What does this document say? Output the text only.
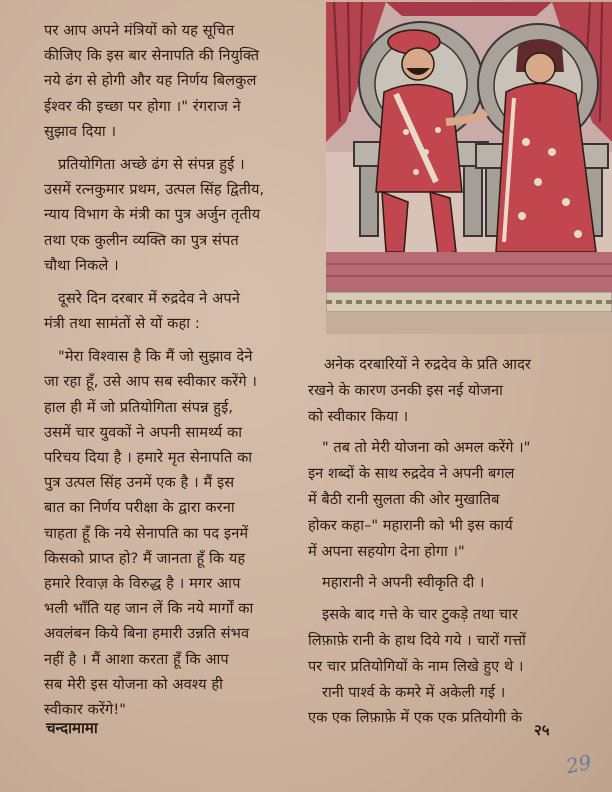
पर आप अपने मंत्रियों को यह सूचित
कीजिए कि इस बार सेनापति की नियुक्ति
नये ढंग से होगी और यह निर्णय बिलकुल
ईश्वर की इच्छा पर होगा ।" रंगराज ने
सुझाव दिया ।
प्रतियोगिता अच्छे ढंग से संपन्न हुई ।
उसमें रत्नकुमार प्रथम, उत्पल सिंह द्वितीय,
न्याय विभाग के मंत्री का पुत्र अर्जुन तृतीय
तथा एक कुलीन व्यक्ति का पुत्र संपत
चौथा निकले ।
दूसरे दिन दरबार में रुद्रदेव ने अपने
मंत्री तथा सामंतों से यों कहा :
"मेरा विश्वास है कि मैं जो सुझाव देने
जा रहा हूँ, उसे आप सब स्वीकार करेंगे ।
हाल ही में जो प्रतियोगिता संपन्न हुई,
उसमें चार युवकों ने अपनी सामर्थ्य का
परिचय दिया है । हमारे मृत सेनापति का
पुत्र उत्पल सिंह उनमें एक है । मैं इस
बात का निर्णय परीक्षा के द्वारा करना
चाहता हूँ कि नये सेनापति का पद इनमें
किसको प्राप्त हो? मैं जानता हूँ कि यह
हमारे रिवाज़ के विरुद्ध है । मगर आप
भली भाँति यह जान लें कि नये मार्गों का
अवलंबन किये बिना हमारी उन्नति संभव
नहीं है । मैं आशा करता हूँ कि आप
सब मेरी इस योजना को अवश्य ही
स्वीकार करेंगे!"
अनेक दरबारियों ने रुद्रदेव के प्रति आदर
रखने के कारण उनकी इस नई योजना
को स्वीकार किया ।
" तब तो मेरी योजना को अमल करेंगे ।"
इन शब्दों के साथ रुद्रदेव ने अपनी बगल
में बैठी रानी सुलता की ओर मुखातिब
होकर कहा–" महारानी को भी इस कार्य
में अपना सहयोग देना होगा ।"
महारानी ने अपनी स्वीकृति दी ।
इसके बाद गत्ते के चार टुकड़े तथा चार
लिफ़ाफ़े रानी के हाथ दिये गये । चारों गत्तों
पर चार प्रतियोगियों के नाम लिखे हुए थे ।
रानी पार्श्व के कमरे में अकेली गई ।
एक एक लिफ़ाफ़े में एक एक प्रतियोगी के
चन्दामामा	२५
29
